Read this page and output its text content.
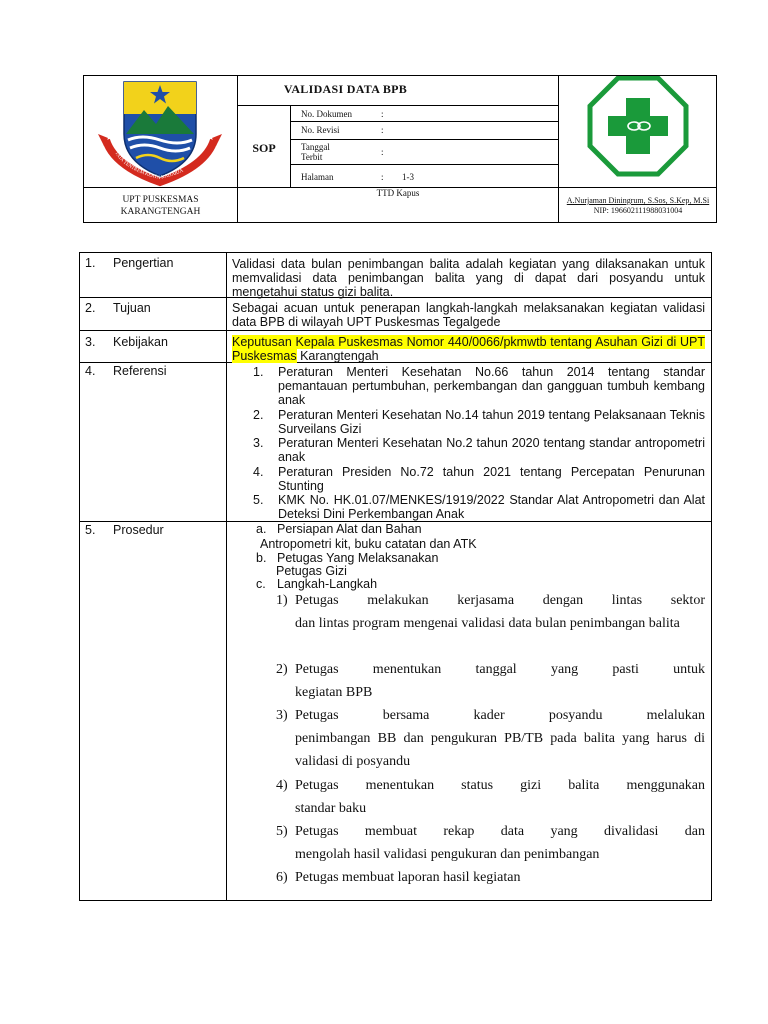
TATA TENTREM KERTA RAHARJA
VALIDASI DATA BPB
SOP
No. Dokumen	:
No. Revisi	:
Tanggal Terbit	:
Halaman	: 1-3
UPT PUSKESMAS
KARANGTENGAH
TTD Kapus
A.Nurjaman Diningrum, S.Sos, S.Kep, M.Si
NIP: 196602111988031004
1. Pengertian	Validasi data bulan penimbangan balita adalah kegiatan yang dilaksanakan untuk memvalidasi data penimbangan balita yang di dapat dari posyandu untuk mengetahui status gizi balita.
2. Tujuan	Sebagai acuan untuk penerapan langkah-langkah melaksanakan kegiatan validasi data BPB di wilayah UPT Puskesmas Tegalgede
3. Kebijakan	Keputusan Kepala Puskesmas Nomor 440/0066/pkmwtb tentang Asuhan Gizi di UPT Puskesmas Karangtengah
4. Referensi	1. Peraturan Menteri Kesehatan No.66 tahun 2014 tentang standar pemantauan pertumbuhan, perkembangan dan gangguan tumbuh kembang anak
2. Peraturan Menteri Kesehatan No.14 tahun 2019 tentang Pelaksanaan Teknis Surveilans Gizi
3. Peraturan Menteri Kesehatan No.2 tahun 2020 tentang standar antropometri anak
4. Peraturan Presiden No.72 tahun 2021 tentang Percepatan Penurunan Stunting
5. KMK No. HK.01.07/MENKES/1919/2022 Standar Alat Antropometri dan Alat Deteksi Dini Perkembangan Anak
5. Prosedur	a. Persiapan Alat dan Bahan
Antropometri kit, buku catatan dan ATK
b. Petugas Yang Melaksanakan
Petugas Gizi
c. Langkah-Langkah
1) Petugas melakukan kerjasama dengan lintas sektor
dan lintas program mengenai validasi data bulan penimbangan balita
2) Petugas menentukan tanggal yang pasti untuk
kegiatan BPB
3) Petugas bersama kader posyandu melalukan
penimbangan BB dan pengukuran PB/TB pada balita yang harus di validasi di posyandu
4) Petugas menentukan status gizi balita menggunakan
standar baku
5) Petugas membuat rekap data yang divalidasi dan
mengolah hasil validasi pengukuran dan penimbangan
6) Petugas membuat laporan hasil kegiatan
